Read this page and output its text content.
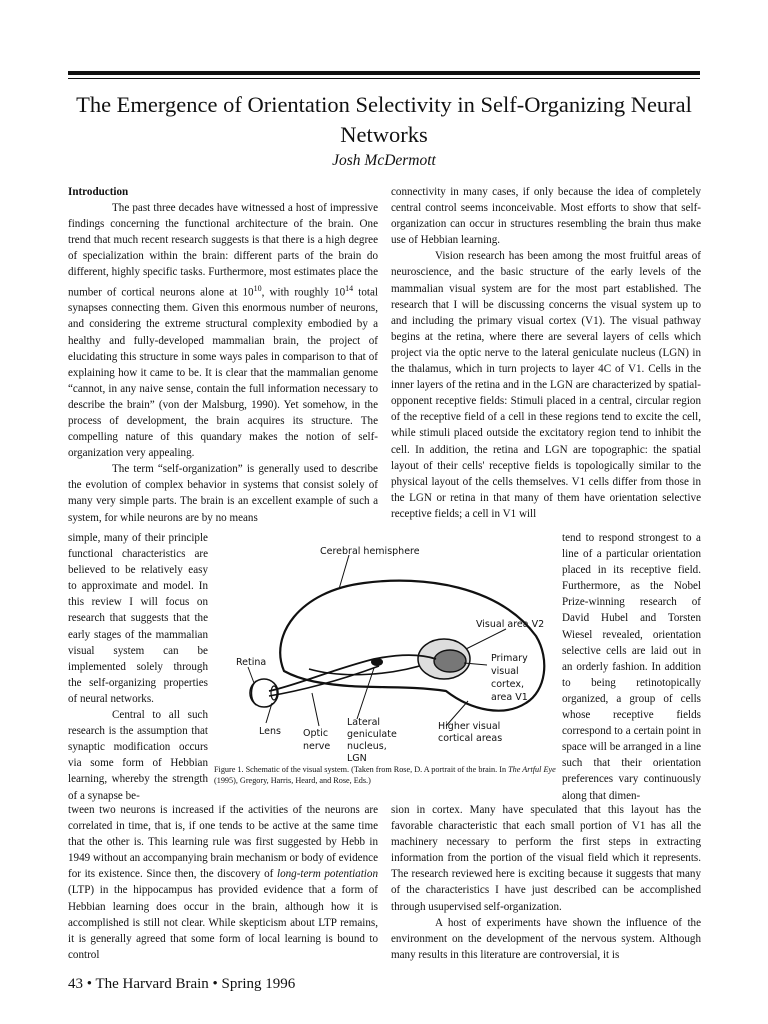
The Emergence of Orientation Selectivity in Self-Organizing Neural Networks
Josh McDermott
Introduction

The past three decades have witnessed a host of impressive findings concerning the functional architecture of the brain. One trend that much recent research suggests is that there is a high degree of specialization within the brain: different parts of the brain do different, highly specific tasks. Furthermore, most estimates place the number of cortical neurons alone at $10^{10}$, with roughly $10^{14}$ total synapses connecting them. Given this enormous number of neurons, and considering the extreme structural complexity embodied by a healthy and fully-developed mammalian brain, the project of elucidating this structure in some ways pales in comparison to that of explaining how it came to be. It is clear that the mammalian genome “cannot, in any naive sense, contain the full information necessary to describe the brain” (von der Malsburg, 1990). Yet somehow, in the process of development, the brain acquires its structure. The compelling nature of this quandary makes the notion of self-organization very appealing.

The term “self-organization” is generally used to describe the evolution of complex behavior in systems that consist solely of many very simple parts. The brain is an excellent example of such a system, for while neurons are by no means

simple, many of their principle functional characteristics are believed to be relatively easy to approximate and model. In this review I will focus on research that suggests that the early stages of the mammalian visual system can be implemented solely through the self-organizing properties of neural networks.

Central to all such research is the assumption that synaptic modification occurs via some form of Hebbian learning, whereby the strength of a synapse be-

tween two neurons is increased if the activities of the neurons are correlated in time, that is, if one tends to be active at the same time that the other is. This learning rule was first suggested by Hebb in 1949 without an accompanying brain mechanism or body of evidence for its existence. Since then, the discovery of long-term potentiation (LTP) in the hippocampus has provided evidence that a form of Hebbian learning does occur in the brain, although how it is accomplished is still not clear. While skepticism about LTP remains, it is generally agreed that some form of local learning is bound to control

connectivity in many cases, if only because the idea of completely central control seems inconceivable. Most efforts to show that self-organization can occur in structures resembling the brain thus make use of Hebbian learning.

Vision research has been among the most fruitful areas of neuroscience, and the basic structure of the early levels of the mammalian visual system are for the most part established. The research that I will be discussing concerns the visual system up to and including the primary visual cortex (V1). The visual pathway begins at the retina, where there are several layers of cells which project via the optic nerve to the lateral geniculate nucleus (LGN) in the thalamus, which in turn projects to layer 4C of V1. Cells in the inner layers of the retina and in the LGN are characterized by spatial-opponent receptive fields: Stimuli placed in a central, circular region of the receptive field of a cell in these regions tend to excite the cell, while stimuli placed outside the excitatory region tend to inhibit the cell. In addition, the retina and LGN are topographic: the spatial layout of their cells' receptive fields is topologically similar to the physical layout of the cells themselves. V1 cells differ from those in the LGN or retina in that many of them have orientation selective receptive fields; a cell in V1 will

tend to respond strongest to a line of a particular orientation placed in its receptive field. Furthermore, as the Nobel Prize-winning research of David Hubel and Torsten Wiesel revealed, orientation selective cells are laid out in an orderly fashion. In addition to being retinotopically organized, a group of cells whose receptive fields correspond to a certain point in space will be arranged in a line such that their orientation preferences vary continuously along that dimen-

sion in cortex. Many have speculated that this layout has the favorable characteristic that each small portion of V1 has all the machinery necessary to perform the first steps in extracting information from the portion of the visual field which it represents. The research reviewed here is exciting because it suggests that many of the characteristics I have just described can be accomplished through usupervised self-organization.

A host of experiments have shown the influence of the environment on the development of the nervous system. Although many results in this literature are controversial, it is

Cerebral hemisphere
Visual area V2
Primary
visual
cortex,
area V1
Retina
Lens Optic
nerve
Lateral
geniculate
nucleus,
LGN
Higher visual
cortical areas
Figure 1. Schematic of the visual system. (Taken from Rose, D. A portrait of the brain. In The Artful Eye (1995), Gregory, Harris, Heard, and Rose, Eds.)
43 • The Harvard Brain • Spring 1996
